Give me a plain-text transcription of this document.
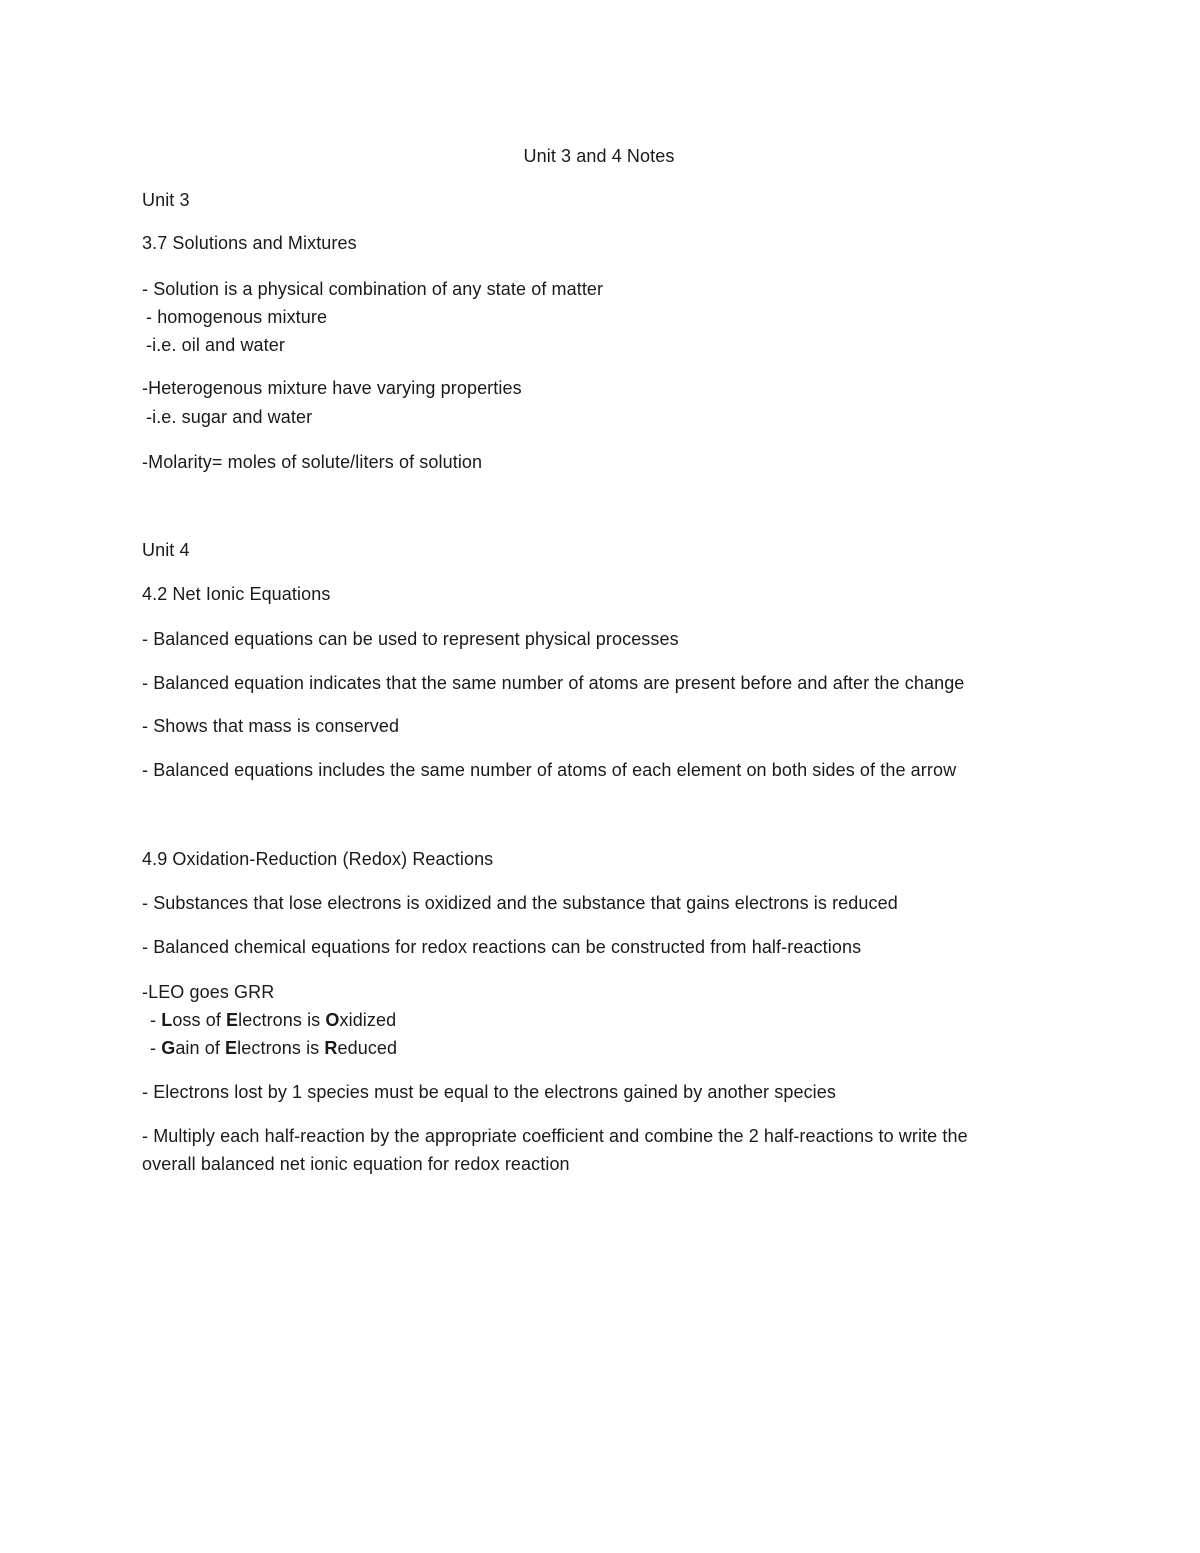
Unit 3 and 4 Notes
Unit 3
3.7 Solutions and Mixtures
- Solution is a physical combination of any state of matter
- homogenous mixture
-i.e. oil and water
-Heterogenous mixture have varying properties
-i.e. sugar and water
-Molarity= moles of solute/liters of solution
Unit 4
4.2 Net Ionic Equations
- Balanced equations can be used to represent physical processes
- Balanced equation indicates that the same number of atoms are present before and after the change
- Shows that mass is conserved
- Balanced equations includes the same number of atoms of each element on both sides of the arrow
4.9 Oxidation-Reduction (Redox) Reactions
- Substances that lose electrons is oxidized and the substance that gains electrons is reduced
- Balanced chemical equations for redox reactions can be constructed from half-reactions
-LEO goes GRR
- Loss of Electrons is Oxidized
- Gain of Electrons is Reduced
- Electrons lost by 1 species must be equal to the electrons gained by another species
- Multiply each half-reaction by the appropriate coefficient and combine the 2 half-reactions to write the
overall balanced net ionic equation for redox reaction
